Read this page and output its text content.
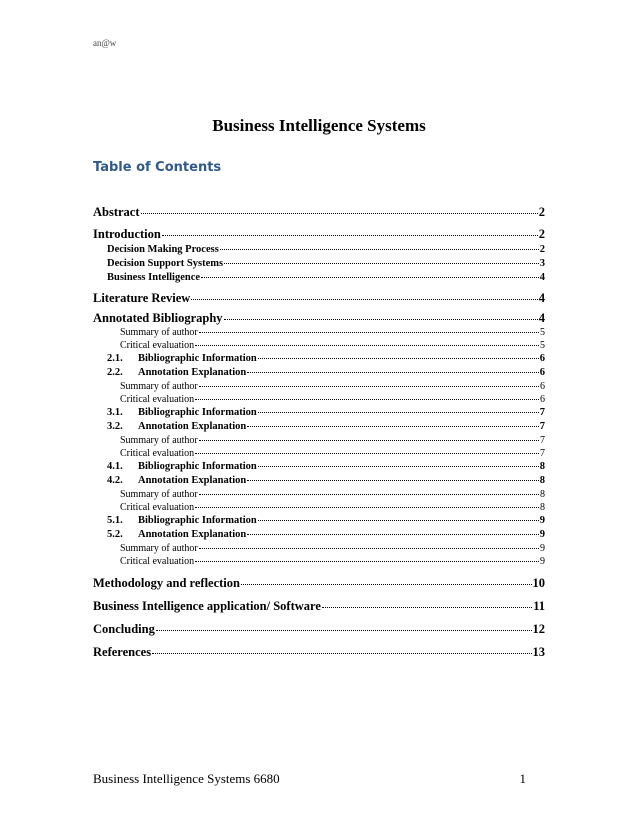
an@w
Business Intelligence Systems
Table of Contents
Abstract	2
Introduction	2
Decision Making Process	2
Decision Support Systems	3
Business Intelligence	4
Literature Review	4
Annotated Bibliography	4
Summary of author	5
Critical evaluation	5
2.1. Bibliographic Information	6
2.2. Annotation Explanation	6
Summary of author	6
Critical evaluation	6
3.1. Bibliographic Information	7
3.2. Annotation Explanation	7
Summary of author	7
Critical evaluation	7
4.1. Bibliographic Information	8
4.2. Annotation Explanation	8
Summary of author	8
Critical evaluation	8
5.1. Bibliographic Information	9
5.2. Annotation Explanation	9
Summary of author	9
Critical evaluation	9
Methodology and reflection	10
Business Intelligence application/ Software	11
Concluding	12
References	13
Business Intelligence Systems 6680	1
